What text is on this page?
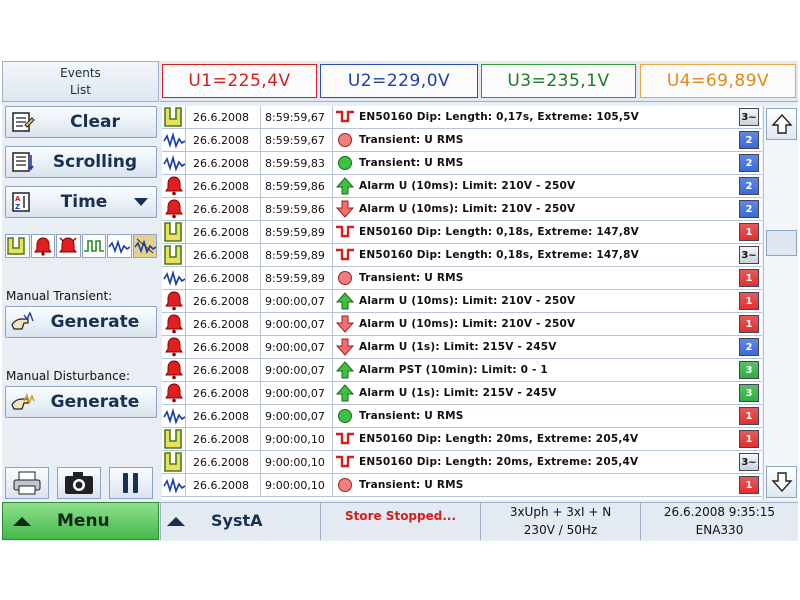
Events
List	U1=225,4V	U2=229,0V	U3=235,1V	U4=69,89V
Clear
Scrolling
A
Z	Time
Manual Transient:
Generate
Manual Disturbance:
Generate
26.6.2008	8:59:59,67	EN50160 Dip: Length: 0,17s, Extreme: 105,5V	3~
26.6.2008	8:59:59,67	Transient: U RMS	2
26.6.2008	8:59:59,83	Transient: U RMS	2
26.6.2008	8:59:59,86	Alarm U (10ms): Limit: 210V - 250V	2
26.6.2008	8:59:59,86	Alarm U (10ms): Limit: 210V - 250V	2
26.6.2008	8:59:59,89	EN50160 Dip: Length: 0,18s, Extreme: 147,8V	1
26.6.2008	8:59:59,89	EN50160 Dip: Length: 0,18s, Extreme: 147,8V	3~
26.6.2008	8:59:59,89	Transient: U RMS	1
26.6.2008	9:00:00,07	Alarm U (10ms): Limit: 210V - 250V	1
26.6.2008	9:00:00,07	Alarm U (10ms): Limit: 210V - 250V	1
26.6.2008	9:00:00,07	Alarm U (1s): Limit: 215V - 245V	2
26.6.2008	9:00:00,07	Alarm PST (10min): Limit: 0 - 1	3
26.6.2008	9:00:00,07	Alarm U (1s): Limit: 215V - 245V	3
26.6.2008	9:00:00,07	Transient: U RMS	1
26.6.2008	9:00:00,10	EN50160 Dip: Length: 20ms, Extreme: 205,4V	1
26.6.2008	9:00:00,10	EN50160 Dip: Length: 20ms, Extreme: 205,4V	3~
26.6.2008	9:00:00,10	Transient: U RMS	1
Menu	SystA	Store Stopped...	3xUph + 3xI + N
230V / 50Hz
26.6.2008 9:35:15
ENA330
